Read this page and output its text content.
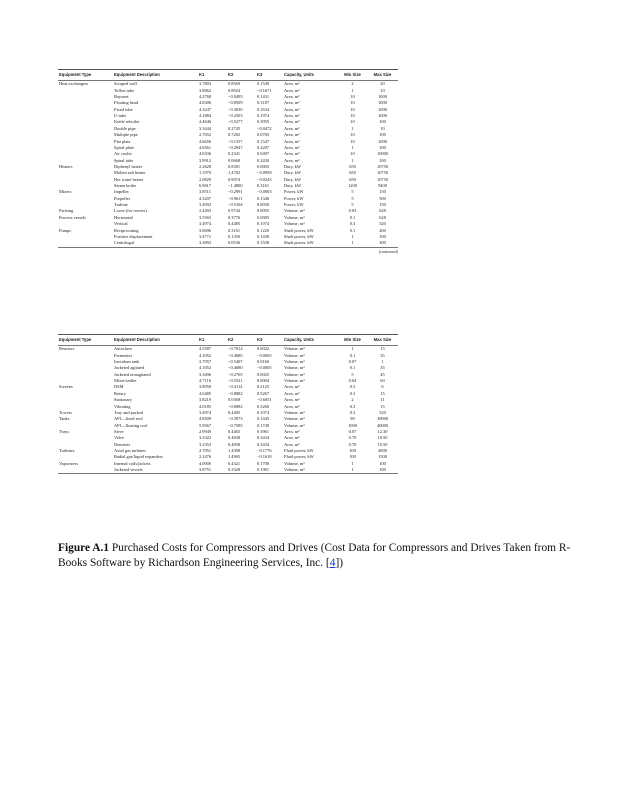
Equipment Type	Equipment Description	K1	K2	K3	Capacity, Units	Min Size	Max Size
Heat exchangers	Scraped wall	3.7803	0.8569	0.1549	Area, m²	2	20
	Teflon tube	3.8062	0.8924	−0.1671	Area, m²	1	10
	Bayonet	4.2768	−0.0495	0.1431	Area, m²	10	1000
	Floating head	4.8306	−0.8509	0.3187	Area, m²	10	1000
	Fixed tube	4.3247	−0.3030	0.1634	Area, m²	10	1000
	U-tube	4.1884	−0.2503	0.1974	Area, m²	10	1000
	Kettle reboiler	4.4646	−0.5277	0.3955	Area, m²	10	100
	Double pipe	3.3444	0.2745	−0.0472	Area, m²	1	10
	Multiple pipe	2.7652	0.7282	0.0783	Area, m²	10	100
	Flat plate	4.6656	−0.1557	0.1547	Area, m²	10	1000
	Spiral plate	4.6561	−0.2947	0.2207	Area, m²	1	100
	Air cooler	4.0336	0.2341	0.0497	Area, m²	10	10000
	Spiral tube	3.9912	0.0668	0.2430	Area, m²	1	100
Heaters	Diphenyl heater	2.2628	0.8581	0.0003	Duty, kW	650	10750
	Molten salt heater	1.1979	1.4782	−0.0958	Duty, kW	650	10750
	Hot water heater	2.0829	0.9074	−0.0243	Duty, kW	650	10750
	Steam boiler	6.9617	−1.4800	0.3161	Duty, kW	1200	9400
Mixers	Impeller	3.8511	−0.2991	−0.0003	Power, kW	5	150
	Propeller	4.3207	−0.9611	0.1346	Power, kW	5	500
	Turbine	3.4092	−0.5104	0.0030	Power, kW	5	150
Packing	Loose (for towers)	2.4493	0.9744	0.0055	Volume, m³	0.03	628
Process vessels	Horizontal	3.5565	0.3776	0.0905	Volume, m³	0.1	628
	Vertical	3.4974	0.4485	0.1074	Volume, m³	0.3	520
Pumps	Reciprocating	3.8696	0.3161	0.1220	Shaft power, kW	0.1	200
	Positive displacement	3.4771	0.1350	0.1438	Shaft power, kW	1	100
	Centrifugal	3.3892	0.0536	0.1538	Shaft power, kW	1	300
(continued)
Equipment Type	Equipment Description	K1	K2	K3	Capacity, Units	Min Size	Max Size
Reactors	Autoclave	4.5587	−0.7014	0.0022	Volume, m³	1	15
	Fermenter	4.1052	−0.4680	−0.0005	Volume, m³	0.1	35
	Inoculum tank	3.7957	−0.5407	0.0160	Volume, m³	0.07	1
	Jacketed agitated	4.1052	−0.4680	−0.0005	Volume, m³	0.1	35
	Jacketed nonagitated	3.3496	−0.2765	0.0025	Volume, m³	5	45
	Mixer/settler	4.7116	−0.5521	0.0004	Volume, m³	0.04	60
Screens	DSM	3.8050	−0.4114	0.2125	Area, m²	0.3	6
	Rotary	4.0485	−0.8882	0.5267	Area, m²	0.3	15
	Stationary	3.8219	0.0368	−0.6051	Area, m²	2	11
	Vibrating	4.0185	−0.8882	0.3260	Area, m²	0.3	15
Towers	Tray and packed	3.4974	0.4485	0.1074	Volume, m³	0.3	520
Tanks	API—fixed roof	4.8509	−0.3973	0.1445	Volume, m³	90	30000
	API—floating roof	5.9567	−0.7585	0.1749	Volume, m³	1000	40000
Trays	Sieve	2.9949	0.4465	0.3961	Area, m²	0.07	12.30
	Valve	3.3322	0.4838	0.3434	Area, m²	0.70	10.50
	Demister	3.2353	0.4838	0.3434	Area, m²	0.70	10.50
Turbines	Axial gas turbines	2.7051	1.4398	−0.1776	Fluid power, kW	100	4000
	Radial gas/liquid expanders	2.2476	1.4965	−0.1618	Fluid power, kW	100	1500
Vaporizers	Internal coils/jackets	4.0000	0.4321	0.1700	Volume, m³	1	100
	Jacketed vessels	3.8751	0.3328	0.1901	Volume, m³	1	100
Figure A.1 Purchased Costs for Compressors and Drives (Cost Data for Compressors and Drives Taken from R-Books Software by Richardson Engineering Services, Inc. [4])
